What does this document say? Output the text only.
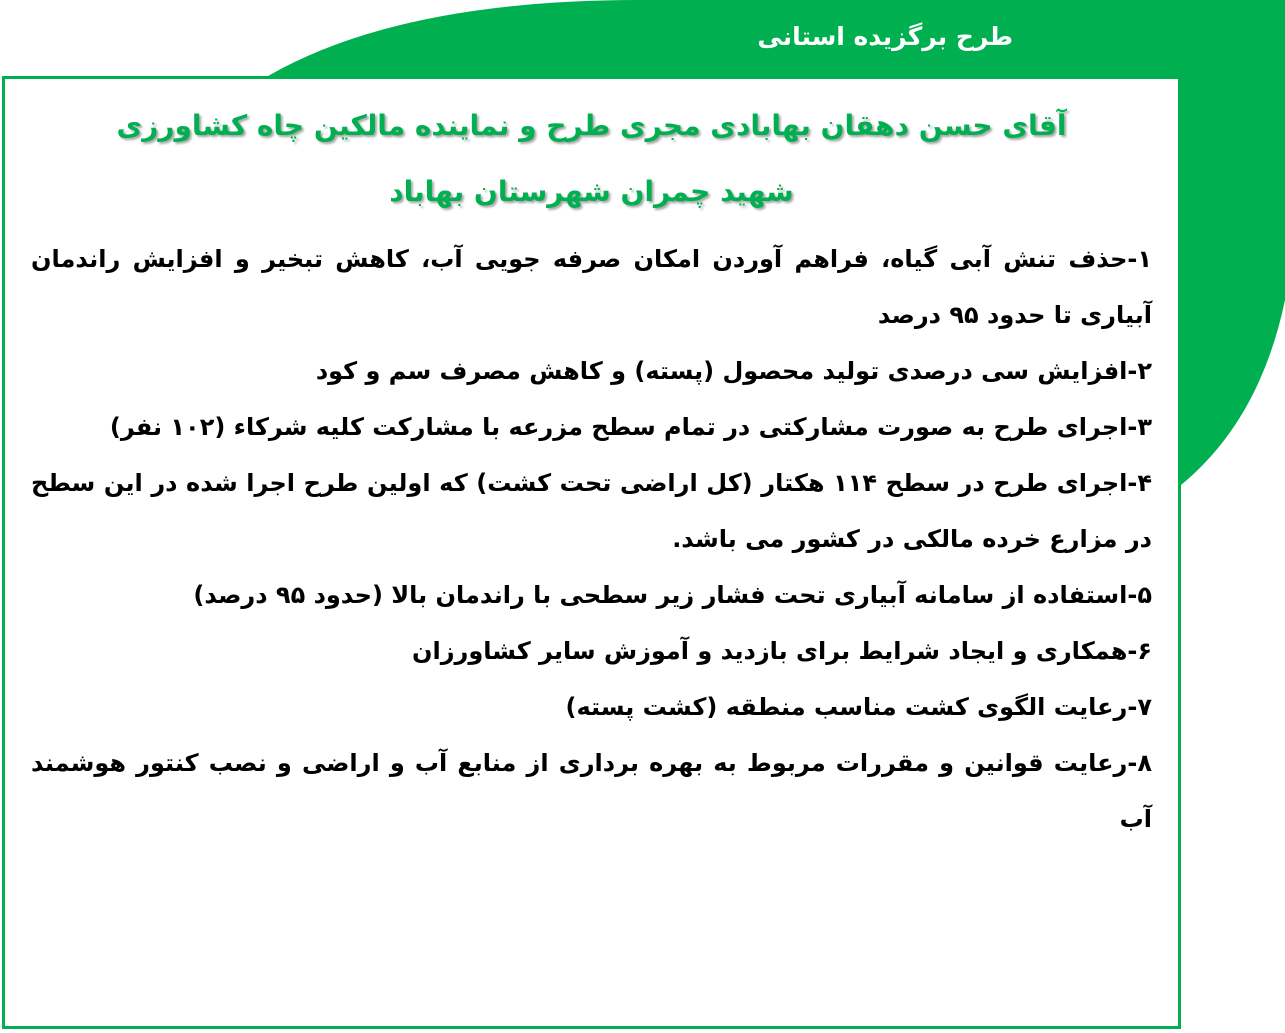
طرح برگزیده استانی
آقای حسن دهقان بهابادی مجری طرح و نماینده مالکین چاه کشاورزی
شهید چمران شهرستان بهاباد
۱-حذف تنش آبی گیاه، فراهم آوردن امکان صرفه جویی آب، کاهش تبخیر و افزایش راندمان آبیاری تا حدود ۹۵ درصد
۲-افزایش سی درصدی تولید محصول (پسته) و کاهش مصرف سم و کود
۳-اجرای طرح به صورت مشارکتی در تمام سطح مزرعه با مشارکت کلیه شرکاء (۱۰۲ نفر)
۴-اجرای طرح در سطح ۱۱۴ هکتار (کل اراضی تحت کشت) که اولین طرح اجرا شده در این سطح در مزارع خرده مالکی در کشور می باشد.
۵-استفاده از سامانه آبیاری تحت فشار زیر سطحی با راندمان بالا (حدود ۹۵ درصد)
۶-همکاری و ایجاد شرایط برای بازدید و آموزش سایر کشاورزان
۷-رعایت الگوی کشت مناسب منطقه (کشت پسته)
۸-رعایت قوانین و مقررات مربوط به بهره برداری از منابع آب و اراضی و نصب کنتور هوشمند آب
